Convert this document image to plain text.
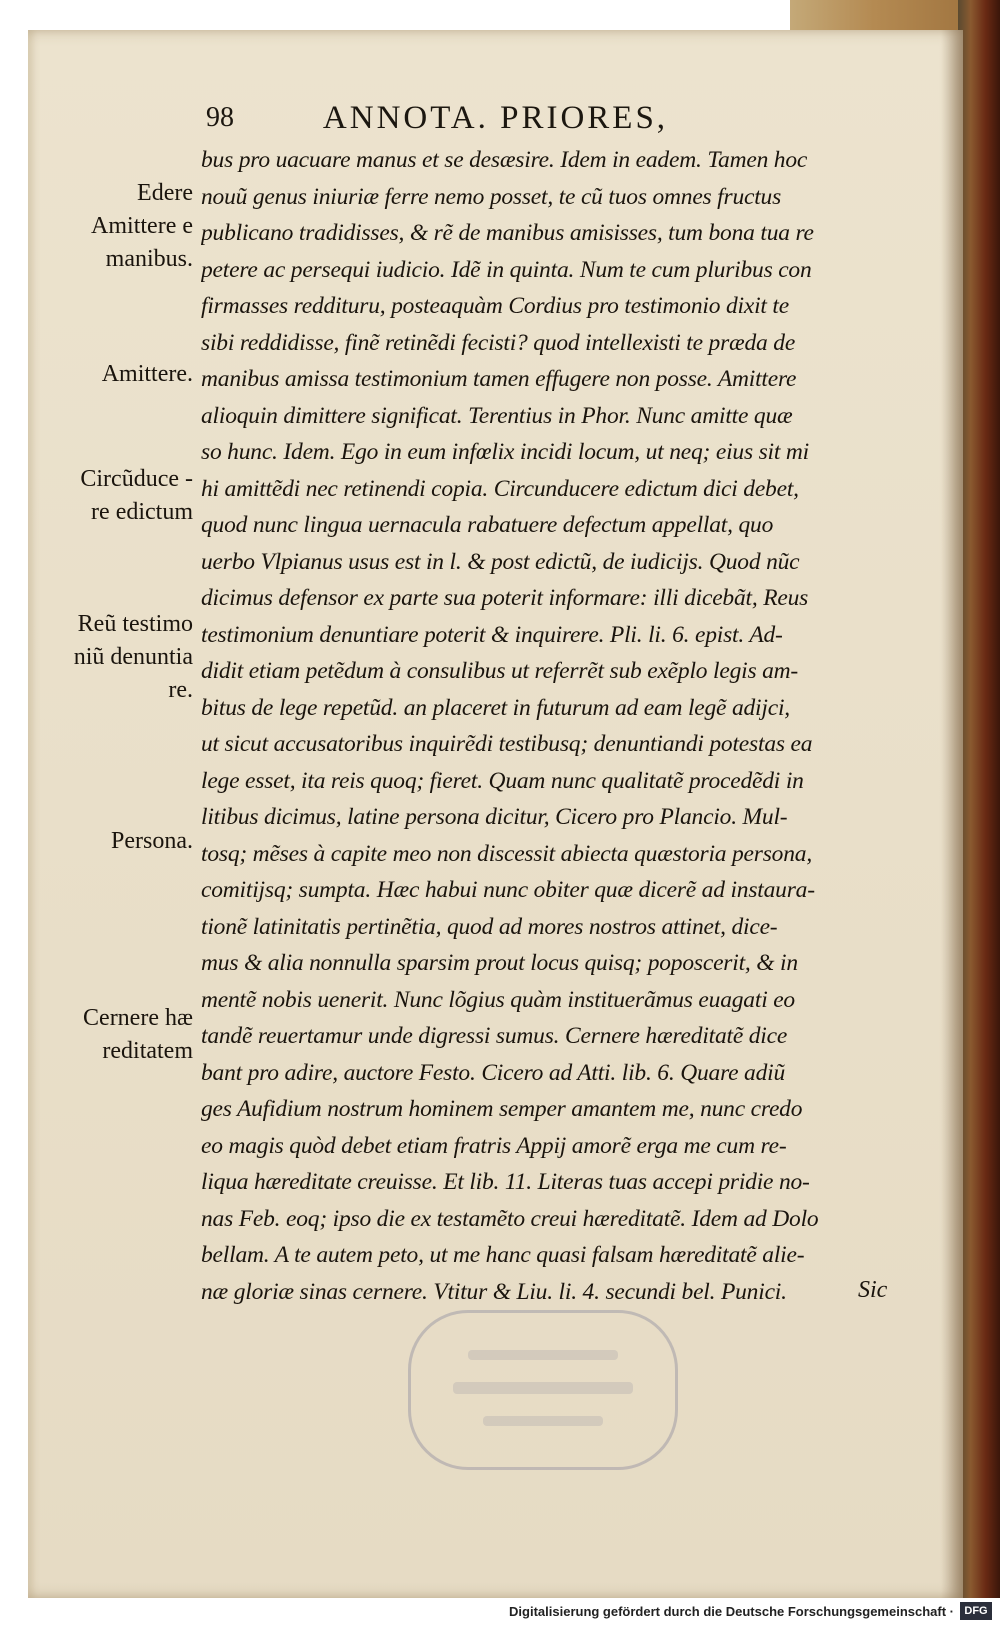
98	ANNOTA. PRIORES,
bus pro uacuare manus et se desæsire. Idem in eadem. Tamen hoc
nouũ genus iniuriæ ferre nemo posset, te cũ tuos omnes fructus
publicano tradidisses, & rẽ de manibus amisisses, tum bona tua re
petere ac persequi iudicio. Idẽ in quinta. Num te cum pluribus con
firmasses reddituru, posteaquàm Cordius pro testimonio dixit te
sibi reddidisse, finẽ retinẽdi fecisti? quod intellexisti te præda de
manibus amissa testimonium tamen effugere non posse. Amittere
alioquin dimittere significat. Terentius in Phor. Nunc amitte quæ
so hunc. Idem. Ego in eum infœlix incidi locum, ut neq; eius sit mi
hi amittẽdi nec retinendi copia. Circunducere edictum dici debet,
quod nunc lingua uernacula rabatuere defectum appellat, quo
uerbo Vlpianus usus est in l. & post edictũ, de iudicijs. Quod nũc
dicimus defensor ex parte sua poterit informare: illi dicebãt, Reus
testimonium denuntiare poterit & inquirere. Pli. li. 6. epist. Ad-
didit etiam petẽdum à consulibus ut referrẽt sub exẽplo legis am-
bitus de lege repetũd. an placeret in futurum ad eam legẽ adijci,
ut sicut accusatoribus inquirẽdi testibusq; denuntiandi potestas ea
lege esset, ita reis quoq; fieret. Quam nunc qualitatẽ procedẽdi in
litibus dicimus, latine persona dicitur, Cicero pro Plancio. Mul-
tosq; mẽses à capite meo non discessit abiecta quæstoria persona,
comitijsq; sumpta. Hæc habui nunc obiter quæ dicerẽ ad instaura-
tionẽ latinitatis pertinẽtia, quod ad mores nostros attinet, dice-
mus & alia nonnulla sparsim prout locus quisq; poposcerit, & in
mentẽ nobis uenerit. Nunc lõgius quàm instituerãmus euagati eo
tandẽ reuertamur unde digressi sumus. Cernere hæreditatẽ dice
bant pro adire, auctore Festo. Cicero ad Atti. lib. 6. Quare adiũ
ges Aufidium nostrum hominem semper amantem me, nunc credo
eo magis quòd debet etiam fratris Appij amorẽ erga me cum re-
liqua hæreditate creuisse. Et lib. 11. Literas tuas accepi pridie no-
nas Feb. eoq; ipso die ex testamẽto creui hæreditatẽ. Idem ad Dolo
bellam. A te autem peto, ut me hanc quasi falsam hæreditatẽ alie-
næ gloriæ sinas cernere. Vtitur & Liu. li. 4. secundi bel. Punici.	Sic
Edere
Amittere e
manibus.
Amittere.
Circũduce -
re edictum
Reũ testimo
niũ denuntia
re.
Persona.
Cernere hæ
reditatem
Digitalisierung gefördert durch die Deutsche Forschungsgemeinschaft · DFG
